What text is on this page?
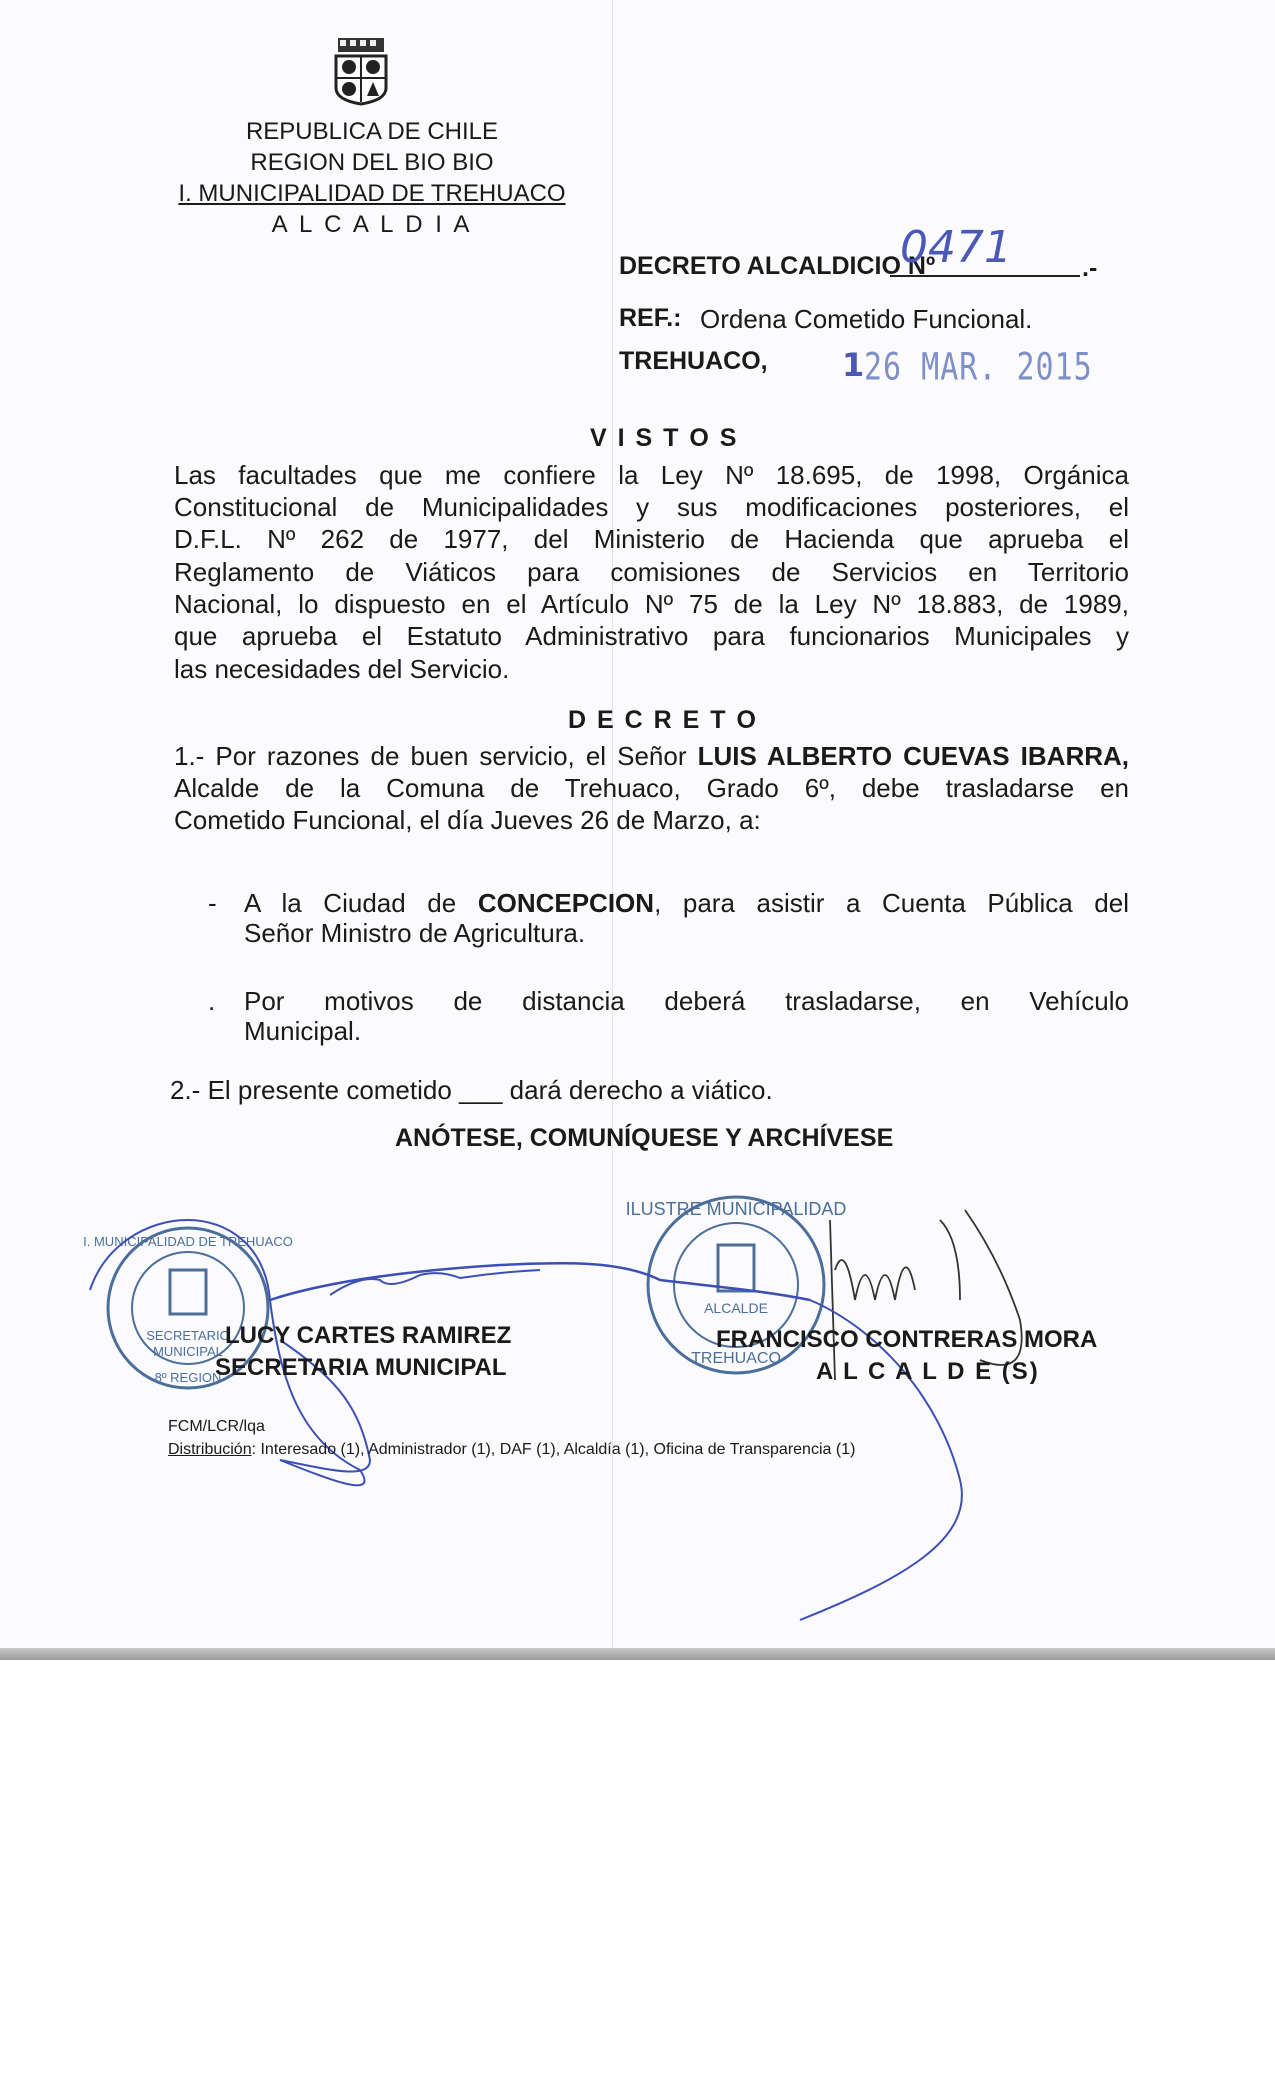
REPUBLICA DE CHILE
REGION DEL BIO BIO
I. MUNICIPALIDAD DE TREHUACO
A L C A L D I A
DECRETO ALCALDICIO Nº
0471	.-
REF.: Ordena Cometido Funcional.
TREHUACO, 1 26 MAR. 2015
V I S T O S
Las facultades que me confiere la Ley Nº 18.695, de 1998, Orgánica
Constitucional de Municipalidades y sus modificaciones posteriores, el
D.F.L. Nº 262 de 1977, del Ministerio de Hacienda que aprueba el
Reglamento de Viáticos para comisiones de Servicios en Territorio
Nacional, lo dispuesto en el Artículo Nº 75 de la Ley Nº 18.883, de 1989,
que aprueba el Estatuto Administrativo para funcionarios Municipales y
las necesidades del Servicio.
D E C R E T O
1.- Por razones de buen servicio, el Señor LUIS ALBERTO CUEVAS IBARRA,
Alcalde de la Comuna de Trehuaco, Grado 6º, debe trasladarse en
Cometido Funcional, el día Jueves 26 de Marzo, a:
- A la Ciudad de CONCEPCION, para asistir a Cuenta Pública del
Señor Ministro de Agricultura.
. Por motivos de distancia deberá trasladarse, en Vehículo
Municipal.
2.- El presente cometido ___ dará derecho a viático.
ANÓTESE, COMUNÍQUESE Y ARCHÍVESE
SECRETARIO
MUNICIPAL
I. MUNICIPALIDAD DE TREHUACO
8º REGION
ILUSTRE MUNICIPALIDAD
ALCALDE
TREHUACO
LUCY CARTES RAMIREZ
SECRETARIA MUNICIPAL
FRANCISCO CONTRERAS MORA
A L C A L D E (S)
FCM/LCR/lqa
Distribución: Interesado (1), Administrador (1), DAF (1), Alcaldía (1), Oficina de Transparencia (1)
